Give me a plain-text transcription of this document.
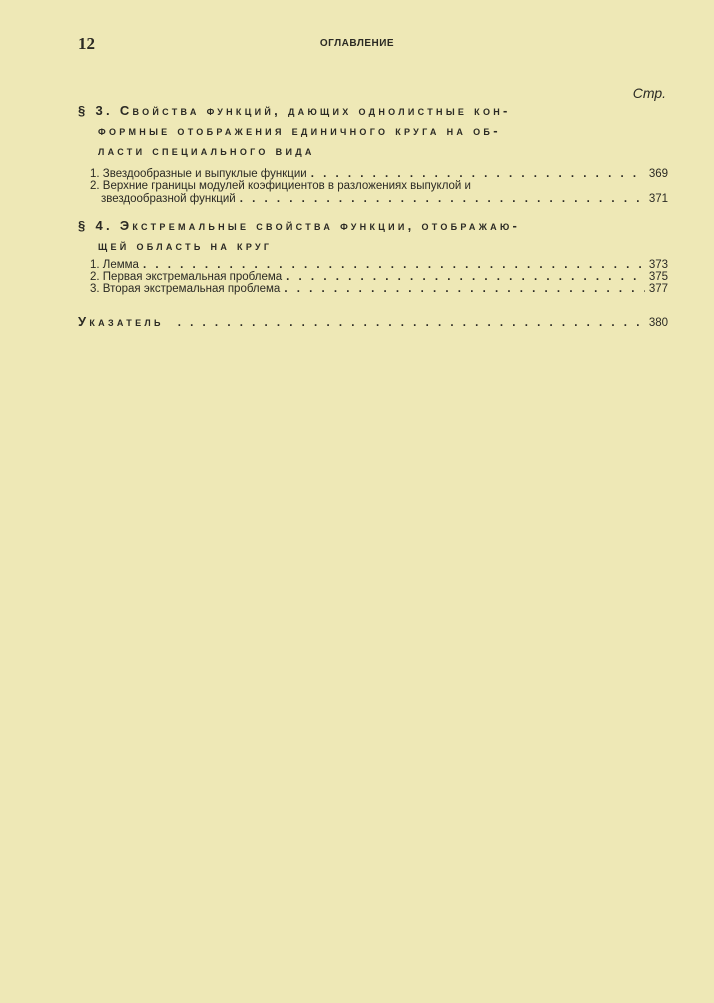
12	ОГЛАВЛЕНИЕ
Стр.
§ 3. Свойства функций, дающих однолистные кон-
формные отображения единичного круга на об-
ласти специального вида
1. Звездообразные и выпуклые функции . . .	369
2. Верхние границы модулей коэфициентов в разложениях выпуклой и
звездообразной функций . . .	371
§ 4. Экстремальные свойства функции, отображаю-
щей область на круг
1. Лемма . . .	373
2. Первая экстремальная проблема . . .	375
3. Вторая экстремальная проблема . . .	377
Указатель . . .	380
